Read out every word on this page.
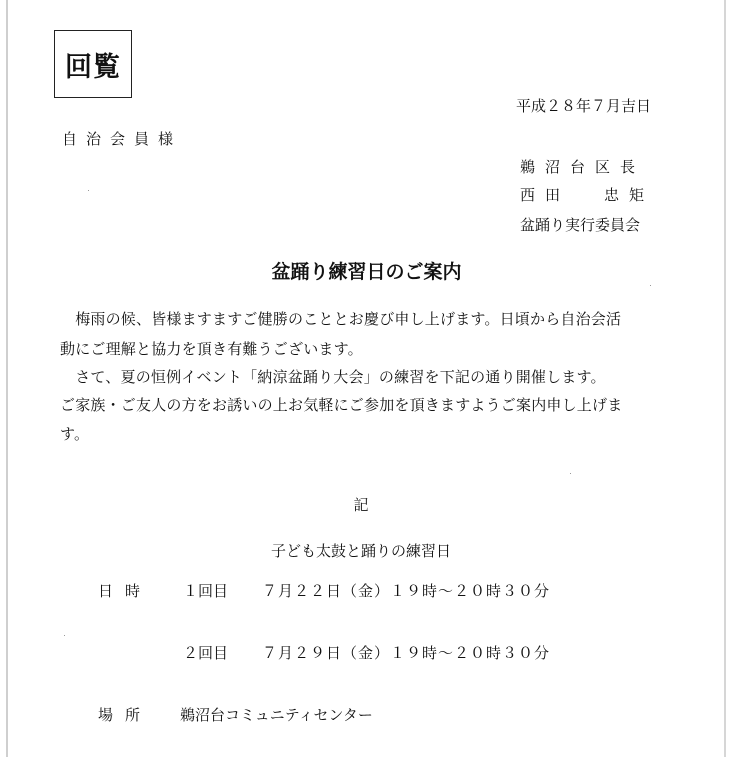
回覧
平成２８年７月吉日
自治会員様
鵜沼台区長
西田 忠矩
盆踊り実行委員会
盆踊り練習日のご案内
　梅雨の候、皆様ますますご健勝のこととお慶び申し上げます。日頃から自治会活
動にご理解と協力を頂き有難うございます。
　さて、夏の恒例イベント「納涼盆踊り大会」の練習を下記の通り開催します。
ご家族・ご友人の方をお誘いの上お気軽にご参加を頂きますようご案内申し上げま
す。
記
子ども太鼓と踊りの練習日
日時 １回目 ７月２２日（金）１９時～２０時３０分
２回目 ７月２９日（金）１９時～２０時３０分
場所 鵜沼台コミュニティセンター
